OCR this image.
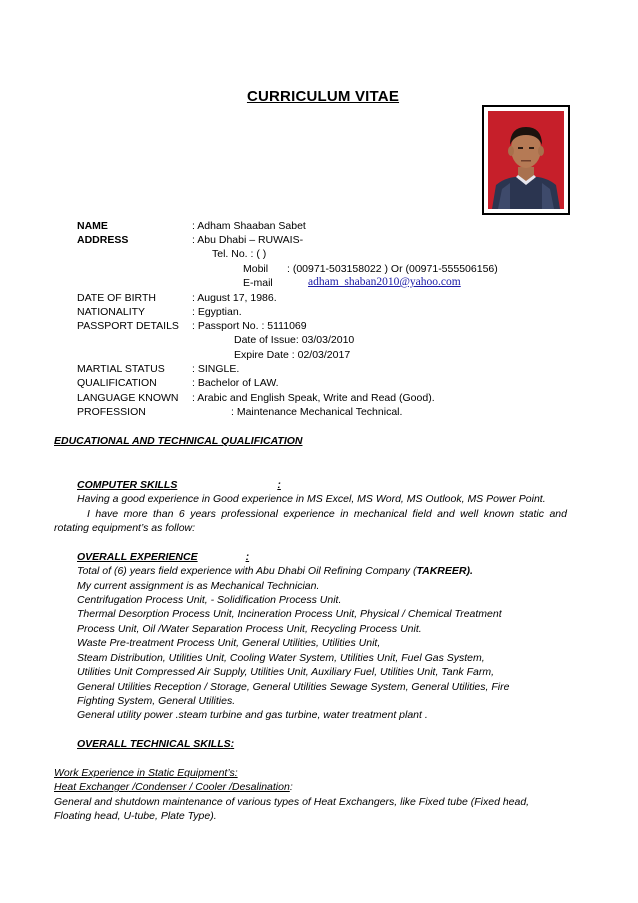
CURRICULUM VITAE
NAME	: Adham Shaaban Sabet
ADDRESS	: Abu Dhabi – RUWAIS-
Tel. No. : ( )
Mobil : (00971-503158022 ) Or (00971-555506156)
E-mail	adham_shaban2010@yahoo.com
DATE OF BIRTH	: August 17, 1986.
NATIONALITY	: Egyptian.
PASSPORT DETAILS : Passport No. : 5111069
Date of Issue: 03/03/2010
Expire Date : 02/03/2017
MARTIAL STATUS	: SINGLE.
QUALIFICATION	: Bachelor of LAW.
LANGUAGE KNOWN : Arabic and English Speak, Write and Read (Good).
PROFESSION	: Maintenance Mechanical Technical.
EDUCATIONAL AND TECHNICAL QUALIFICATION
COMPUTER SKILLS	:
Having a good experience in Good experience in MS Excel, MS Word, MS Outlook, MS Power Point.
I have more than 6 years professional experience in mechanical field and well known static and
rotating equipment’s as follow:
OVERALL EXPERIENCE	:
Total of (6) years field experience with Abu Dhabi Oil Refining Company (TAKREER).
My current assignment is as Mechanical Technician.
Centrifugation Process Unit, - Solidification Process Unit.
Thermal Desorption Process Unit, Incineration Process Unit, Physical / Chemical Treatment
Process Unit, Oil /Water Separation Process Unit, Recycling Process Unit.
Waste Pre-treatment Process Unit, General Utilities, Utilities Unit,
Steam Distribution, Utilities Unit, Cooling Water System, Utilities Unit, Fuel Gas System,
Utilities Unit Compressed Air Supply, Utilities Unit, Auxiliary Fuel, Utilities Unit, Tank Farm,
General Utilities Reception / Storage, General Utilities Sewage System, General Utilities, Fire
Fighting System, General Utilities.
General utility power .steam turbine and gas turbine, water treatment plant .
OVERALL TECHNICAL SKILLS:
Work Experience in Static Equipment’s:
Heat Exchanger /Condenser / Cooler /Desalination:
General and shutdown maintenance of various types of Heat Exchangers, like Fixed tube (Fixed head,
Floating head, U-tube, Plate Type).
